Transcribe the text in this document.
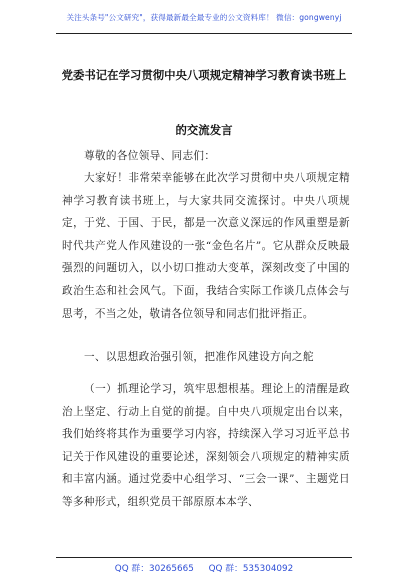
关注头条号"公文研究"，获得最新最全最专业的公文资料库！ 微信：gongwenyj
党委书记在学习贯彻中央八项规定精神学习教育读书班上
的交流发言

尊敬的各位领导、同志们：

大家好！非常荣幸能够在此次学习贯彻中央八项规定精神学习教育读书班上，与大家共同交流探讨。中央八项规定，于党、于国、于民，都是一次意义深远的作风重塑是新时代共产党人作风建设的一张“金色名片”。它从群众反映最强烈的问题切入，以小切口推动大变革，深刻改变了中国的政治生态和社会风气。下面，我结合实际工作谈几点体会与思考，不当之处，敬请各位领导和同志们批评指正。

一、以思想政治强引领，把准作风建设方向之舵

（一）抓理论学习，筑牢思想根基。理论上的清醒是政治上坚定、行动上自觉的前提。自中央八项规定出台以来，我们始终将其作为重要学习内容，持续深入学习习近平总书记关于作风建设的重要论述，深刻领会八项规定的精神实质和丰富内涵。通过党委中心组学习、“三会一课”、主题党日等多种形式，组织党员干部原原本本学、

QQ 群：30265665 QQ 群：535304092
